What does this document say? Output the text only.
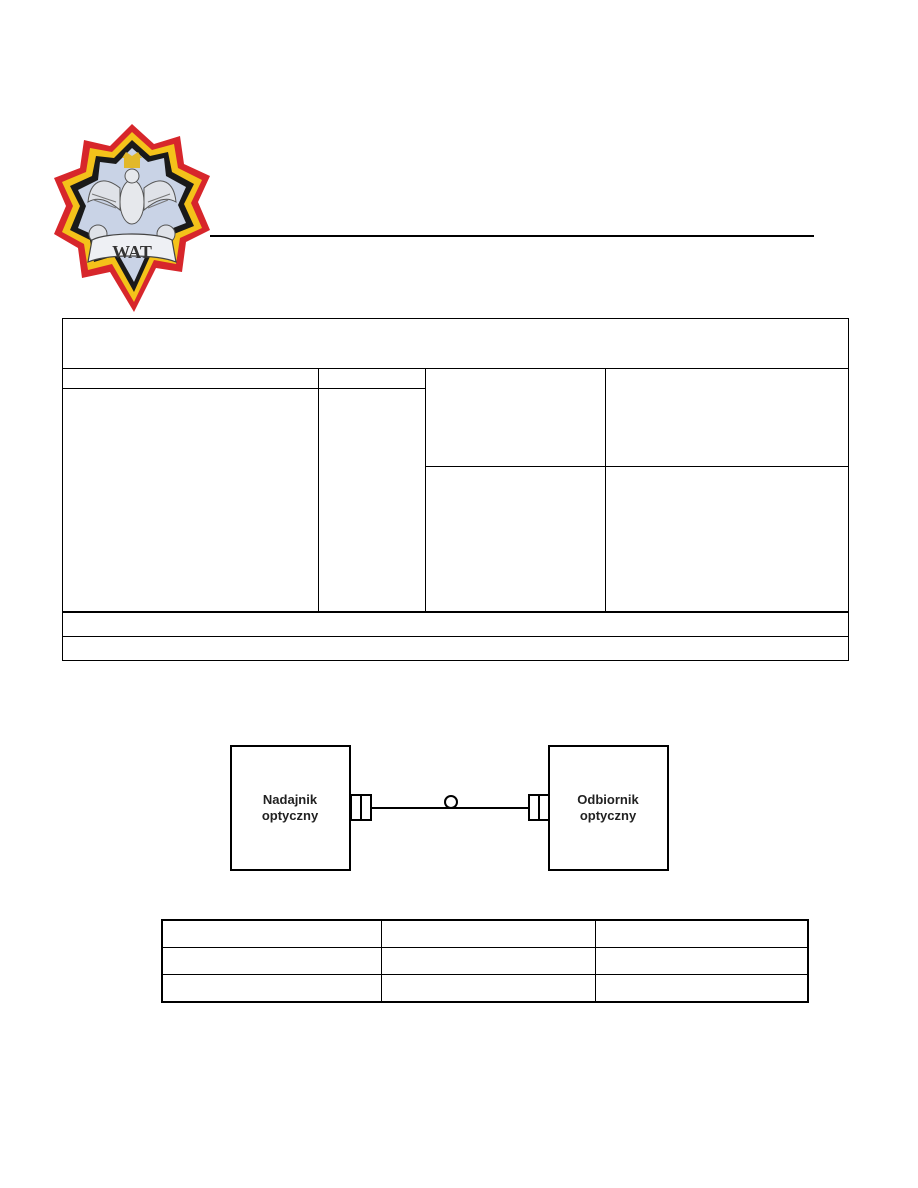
WAT
Nadajnik
optyczny
Odbiornik
optyczny
